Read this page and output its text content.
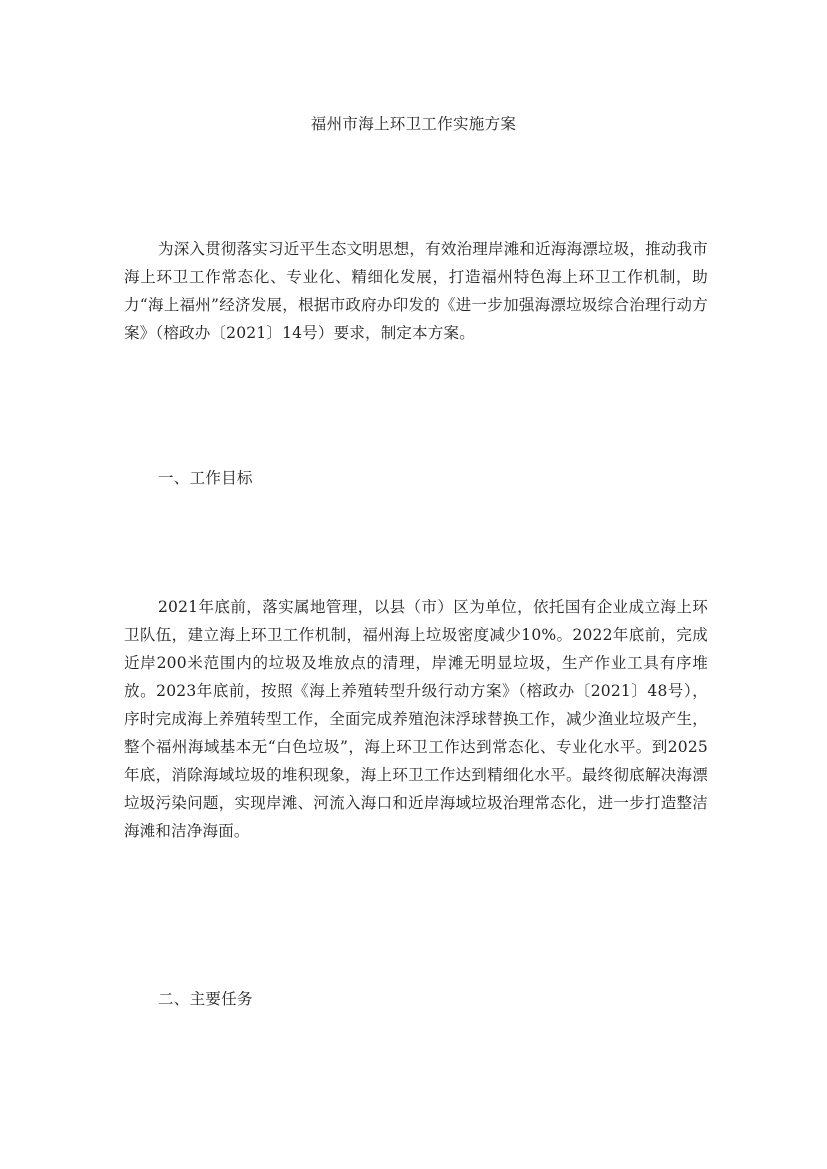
福州市海上环卫工作实施方案

为深入贯彻落实习近平生态文明思想，有效治理岸滩和近海海漂垃圾，推动我市海上环卫工作常态化、专业化、精细化发展，打造福州特色海上环卫工作机制，助力“海上福州”经济发展，根据市政府办印发的《进一步加强海漂垃圾综合治理行动方案》（榕政办〔2021〕14号）要求，制定本方案。

一、工作目标

2021年底前，落实属地管理，以县（市）区为单位，依托国有企业成立海上环卫队伍，建立海上环卫工作机制，福州海上垃圾密度减少10%。2022年底前，完成近岸200米范围内的垃圾及堆放点的清理，岸滩无明显垃圾，生产作业工具有序堆放。2023年底前，按照《海上养殖转型升级行动方案》（榕政办〔2021〕48号），序时完成海上养殖转型工作，全面完成养殖泡沫浮球替换工作，减少渔业垃圾产生，整个福州海域基本无“白色垃圾”，海上环卫工作达到常态化、专业化水平。到2025年底，消除海域垃圾的堆积现象，海上环卫工作达到精细化水平。最终彻底解决海漂垃圾污染问题，实现岸滩、河流入海口和近岸海域垃圾治理常态化，进一步打造整洁海滩和洁净海面。

二、主要任务
